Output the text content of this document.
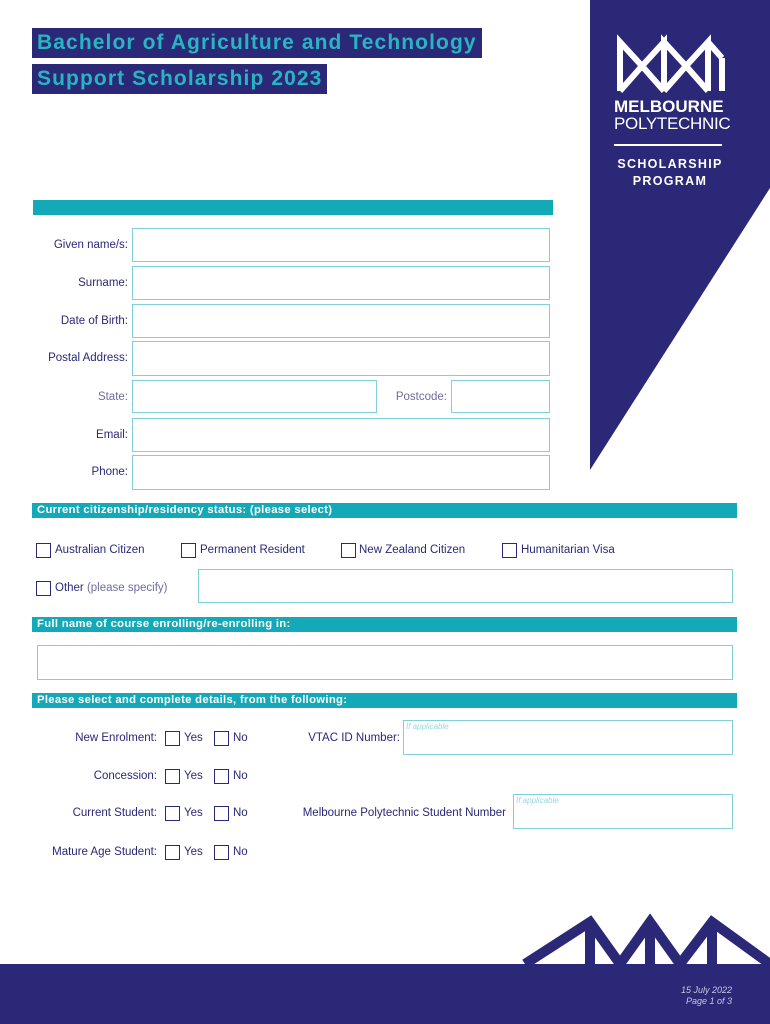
MELBOURNE
POLYTECHNIC
SCHOLARSHIP
PROGRAM
Bachelor of Agriculture and Technology
Support Scholarship 2023
Given name/s:
Surname:
Date of Birth:
Postal Address:
State:	Postcode:
Email:
Phone:
Current citizenship/residency status: (please select)
Australian Citizen	Permanent Resident	New Zealand Citizen	Humanitarian Visa
Other (please specify)
Full name of course enrolling/re-enrolling in:
Please select and complete details, from the following:
New Enrolment: Yes	No	VTAC ID Number:
If applicable
Concession: Yes	No
Current Student: Yes	No	Melbourne Polytechnic Student Number
If applicable
Mature Age Student: Yes	No
15 July 2022
Page 1 of 3
